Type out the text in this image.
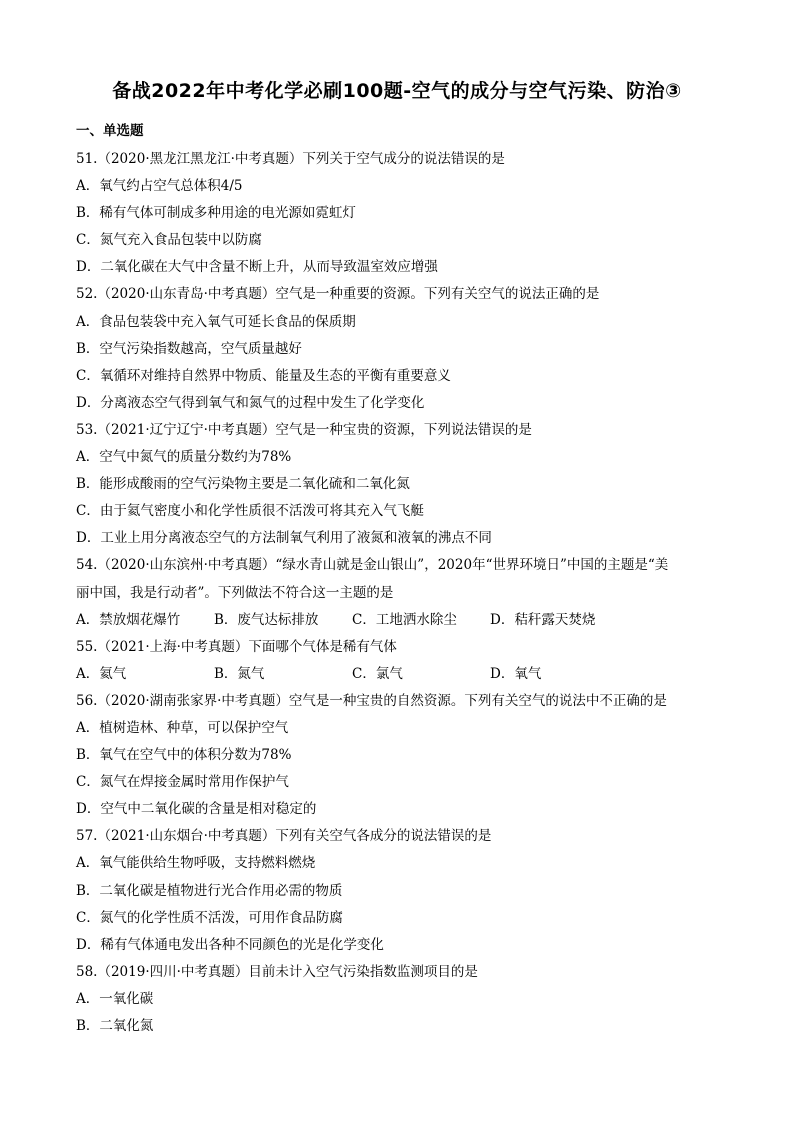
备战2022年中考化学必刷100题-空气的成分与空气污染、防治③
一、单选题
51.（2020·黑龙江黑龙江·中考真题）下列关于空气成分的说法错误的是
A．氧气约占空气总体积4/5
B．稀有气体可制成多种用途的电光源如霓虹灯
C．氮气充入食品包装中以防腐
D．二氧化碳在大气中含量不断上升，从而导致温室效应增强
52.（2020·山东青岛·中考真题）空气是一种重要的资源。下列有关空气的说法正确的是
A．食品包装袋中充入氧气可延长食品的保质期
B．空气污染指数越高，空气质量越好
C．氧循环对维持自然界中物质、能量及生态的平衡有重要意义
D．分离液态空气得到氧气和氮气的过程中发生了化学变化
53.（2021·辽宁辽宁·中考真题）空气是一种宝贵的资源，下列说法错误的是
A．空气中氮气的质量分数约为78%
B．能形成酸雨的空气污染物主要是二氧化硫和二氧化氮
C．由于氦气密度小和化学性质很不活泼可将其充入气飞艇
D．工业上用分离液态空气的方法制氧气利用了液氮和液氧的沸点不同
54.（2020·山东滨州·中考真题）“绿水青山就是金山银山”，2020年“世界环境日”中国的主题是“美
丽中国，我是行动者”。下列做法不符合这一主题的是
A．禁放烟花爆竹	B．废气达标排放	C．工地洒水除尘	D．秸秆露天焚烧
55.（2021·上海·中考真题）下面哪个气体是稀有气体
A．氦气	B．氮气	C．氯气	D．氧气
56.（2020·湖南张家界·中考真题）空气是一种宝贵的自然资源。下列有关空气的说法中不正确的是
A．植树造林、种草，可以保护空气
B．氧气在空气中的体积分数为78%
C．氮气在焊接金属时常用作保护气
D．空气中二氧化碳的含量是相对稳定的
57.（2021·山东烟台·中考真题）下列有关空气各成分的说法错误的是
A．氧气能供给生物呼吸，支持燃料燃烧
B．二氧化碳是植物进行光合作用必需的物质
C．氮气的化学性质不活泼，可用作食品防腐
D．稀有气体通电发出各种不同颜色的光是化学变化
58.（2019·四川·中考真题）目前未计入空气污染指数监测项目的是
A．一氧化碳
B．二氧化氮
